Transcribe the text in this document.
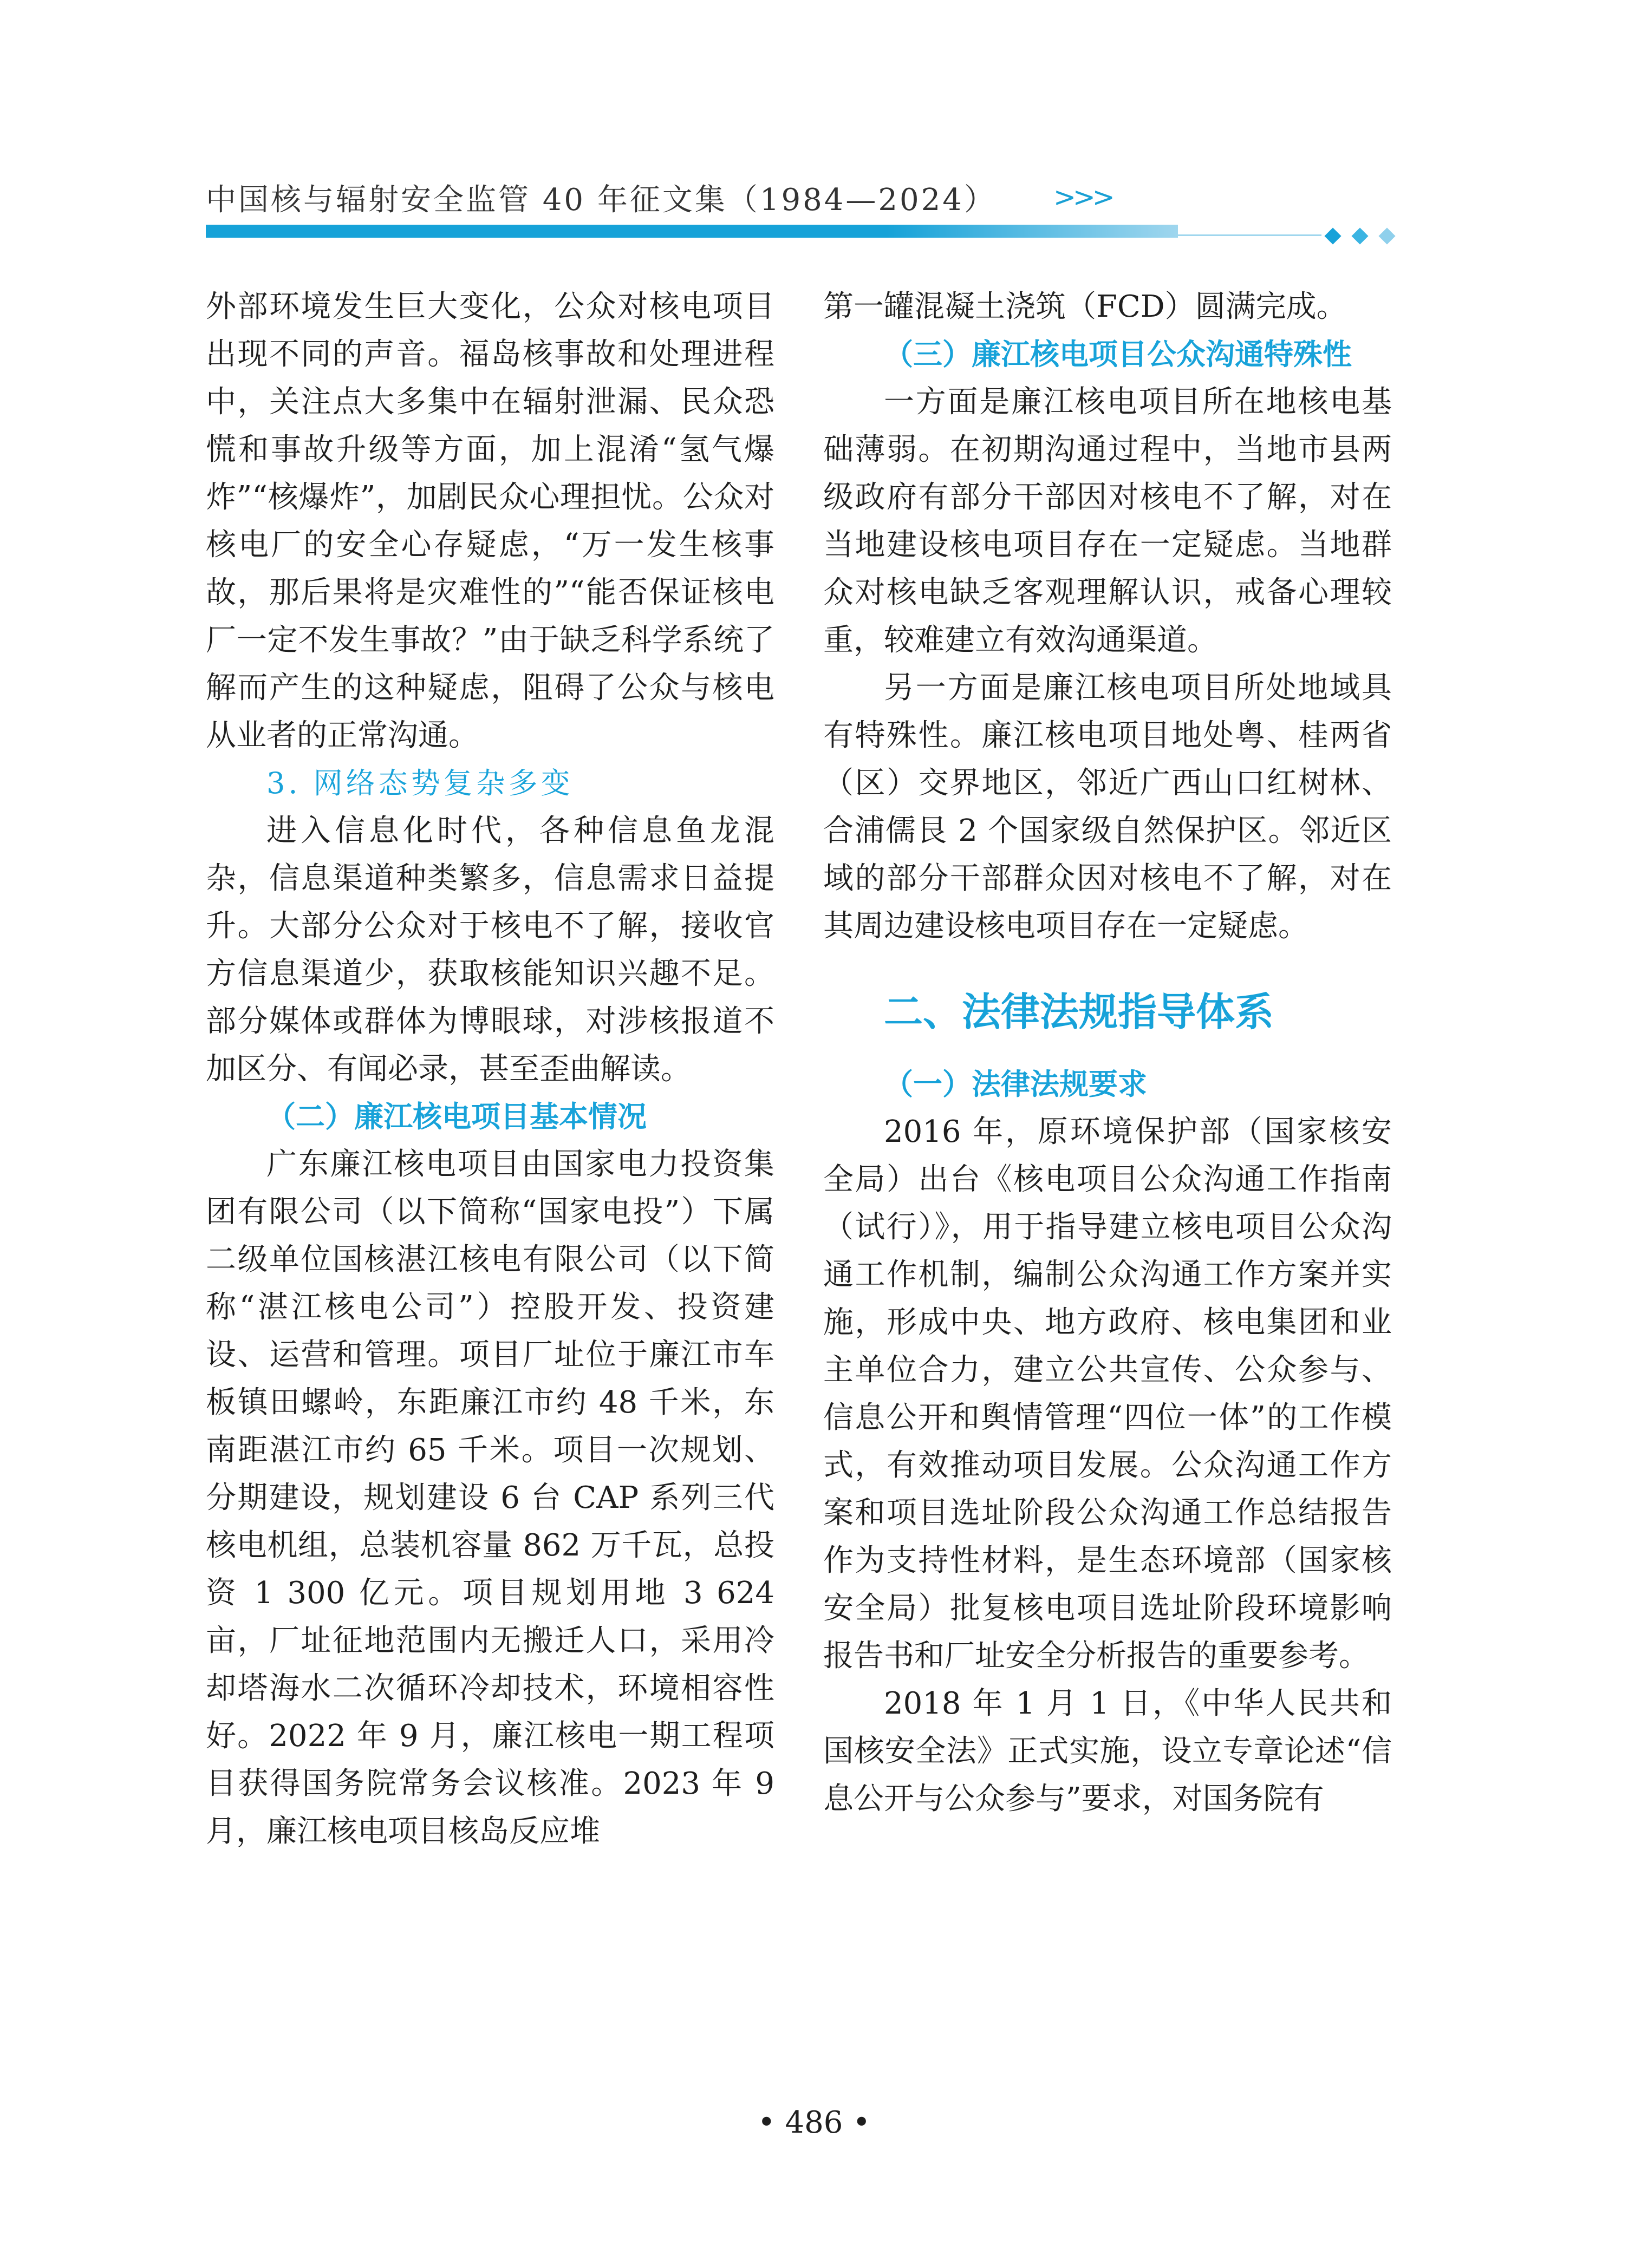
中国核与辐射安全监管 40 年征文集（1984—2024） >>>

外部环境发生巨大变化，公众对核电项目出现不同的声音。福岛核事故和处理进程中，关注点大多集中在辐射泄漏、民众恐慌和事故升级等方面，加上混淆“氢气爆炸”“核爆炸”，加剧民众心理担忧。公众对核电厂的安全心存疑虑，“万一发生核事故，那后果将是灾难性的”“能否保证核电厂一定不发生事故？”由于缺乏科学系统了解而产生的这种疑虑，阻碍了公众与核电从业者的正常沟通。

3. 网络态势复杂多变

进入信息化时代，各种信息鱼龙混杂，信息渠道种类繁多，信息需求日益提升。大部分公众对于核电不了解，接收官方信息渠道少，获取核能知识兴趣不足。部分媒体或群体为博眼球，对涉核报道不加区分、有闻必录，甚至歪曲解读。

（二）廉江核电项目基本情况

广东廉江核电项目由国家电力投资集团有限公司（以下简称“国家电投”）下属二级单位国核湛江核电有限公司（以下简称“湛江核电公司”）控股开发、投资建设、运营和管理。项目厂址位于廉江市车板镇田螺岭，东距廉江市约 48 千米，东南距湛江市约 65 千米。项目一次规划、分期建设，规划建设 6 台 CAP 系列三代核电机组，总装机容量 862 万千瓦，总投资 1 300 亿元。项目规划用地 3 624 亩，厂址征地范围内无搬迁人口，采用冷却塔海水二次循环冷却技术，环境相容性好。2022 年 9 月，廉江核电一期工程项目获得国务院常务会议核准。2023 年 9 月，廉江核电项目核岛反应堆

第一罐混凝土浇筑（FCD）圆满完成。

（三）廉江核电项目公众沟通特殊性

一方面是廉江核电项目所在地核电基础薄弱。在初期沟通过程中，当地市县两级政府有部分干部因对核电不了解，对在当地建设核电项目存在一定疑虑。当地群众对核电缺乏客观理解认识，戒备心理较重，较难建立有效沟通渠道。

另一方面是廉江核电项目所处地域具有特殊性。廉江核电项目地处粤、桂两省（区）交界地区，邻近广西山口红树林、合浦儒艮 2 个国家级自然保护区。邻近区域的部分干部群众因对核电不了解，对在其周边建设核电项目存在一定疑虑。

二、法律法规指导体系

（一）法律法规要求

2016 年，原环境保护部（国家核安全局）出台《核电项目公众沟通工作指南（试行）》，用于指导建立核电项目公众沟通工作机制，编制公众沟通工作方案并实施，形成中央、地方政府、核电集团和业主单位合力，建立公共宣传、公众参与、信息公开和舆情管理“四位一体”的工作模式，有效推动项目发展。公众沟通工作方案和项目选址阶段公众沟通工作总结报告作为支持性材料，是生态环境部（国家核安全局）批复核电项目选址阶段环境影响报告书和厂址安全分析报告的重要参考。

2018 年 1 月 1 日，《中华人民共和国核安全法》正式实施，设立专章论述“信息公开与公众参与”要求，对国务院有

• 486 •
